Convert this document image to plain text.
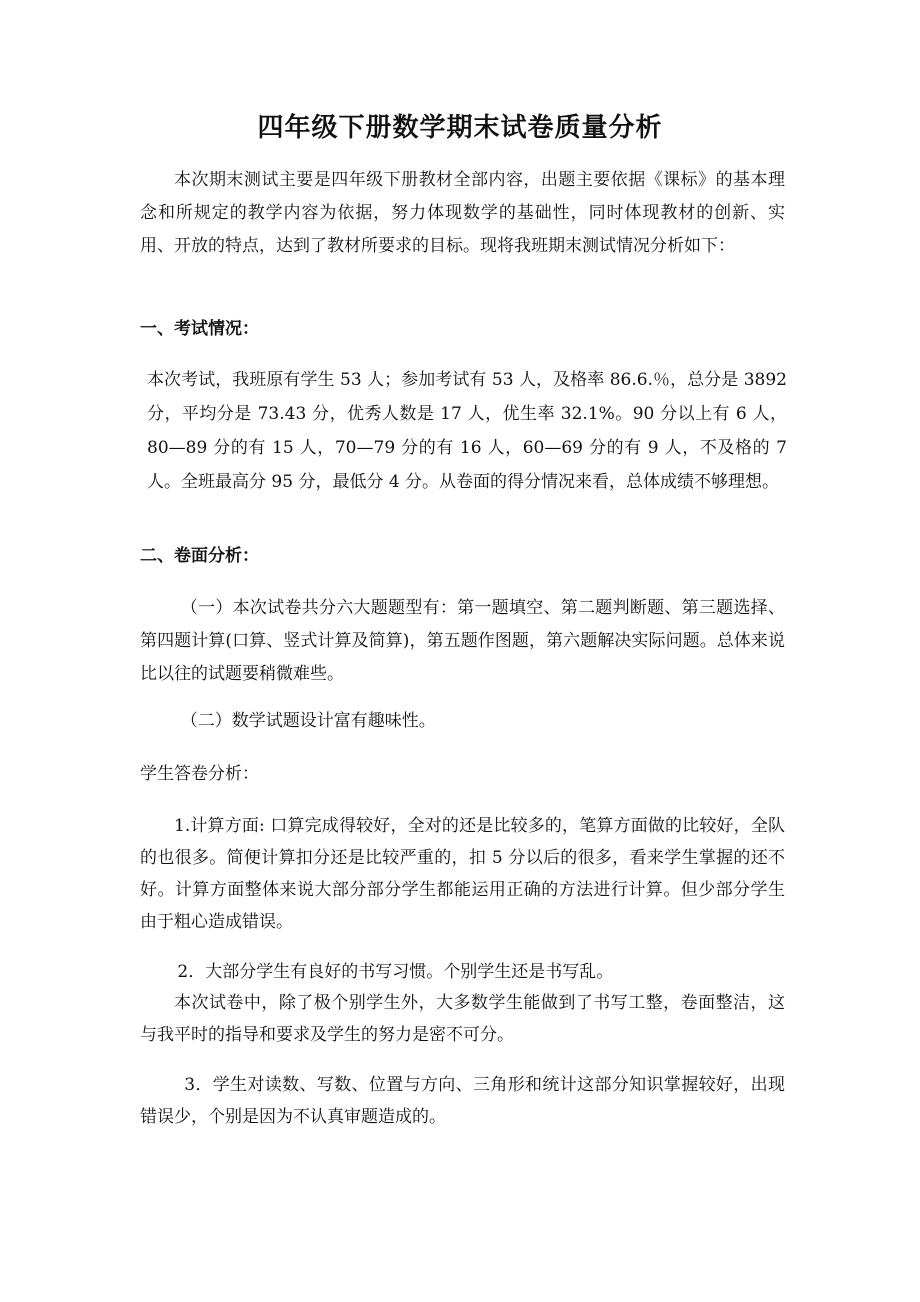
四年级下册数学期末试卷质量分析

本次期末测试主要是四年级下册教材全部内容，出题主要依据《课标》的基本理念和所规定的教学内容为依据，努力体现数学的基础性，同时体现教材的创新、实用、开放的特点，达到了教材所要求的目标。现将我班期末测试情况分析如下：

一、考试情况：

本次考试，我班原有学生 53 人；参加考试有 53 人，及格率 86.6.％，总分是 3892 分，平均分是 73.43 分，优秀人数是 17 人，优生率 32.1%。90 分以上有 6 人，80—89 分的有 15 人，70—79 分的有 16 人，60—69 分的有 9 人，不及格的 7 人。全班最高分 95 分，最低分 4 分。从卷面的得分情况来看，总体成绩不够理想。

二、卷面分析：

（一）本次试卷共分六大题题型有：第一题填空、第二题判断题、第三题选择、第四题计算(口算、竖式计算及简算)，第五题作图题，第六题解决实际问题。总体来说比以往的试题要稍微难些。

（二）数学试题设计富有趣味性。

学生答卷分析：

1.计算方面: 口算完成得较好，全对的还是比较多的，笔算方面做的比较好，全队的也很多。简便计算扣分还是比较严重的，扣 5 分以后的很多，看来学生掌握的还不好。计算方面整体来说大部分部分学生都能运用正确的方法进行计算。但少部分学生由于粗心造成错误。

2．大部分学生有良好的书写习惯。个别学生还是书写乱。

本次试卷中，除了极个别学生外，大多数学生能做到了书写工整，卷面整洁，这与我平时的指导和要求及学生的努力是密不可分。

3．学生对读数、写数、位置与方向、三角形和统计这部分知识掌握较好，出现错误少，个别是因为不认真审题造成的。
